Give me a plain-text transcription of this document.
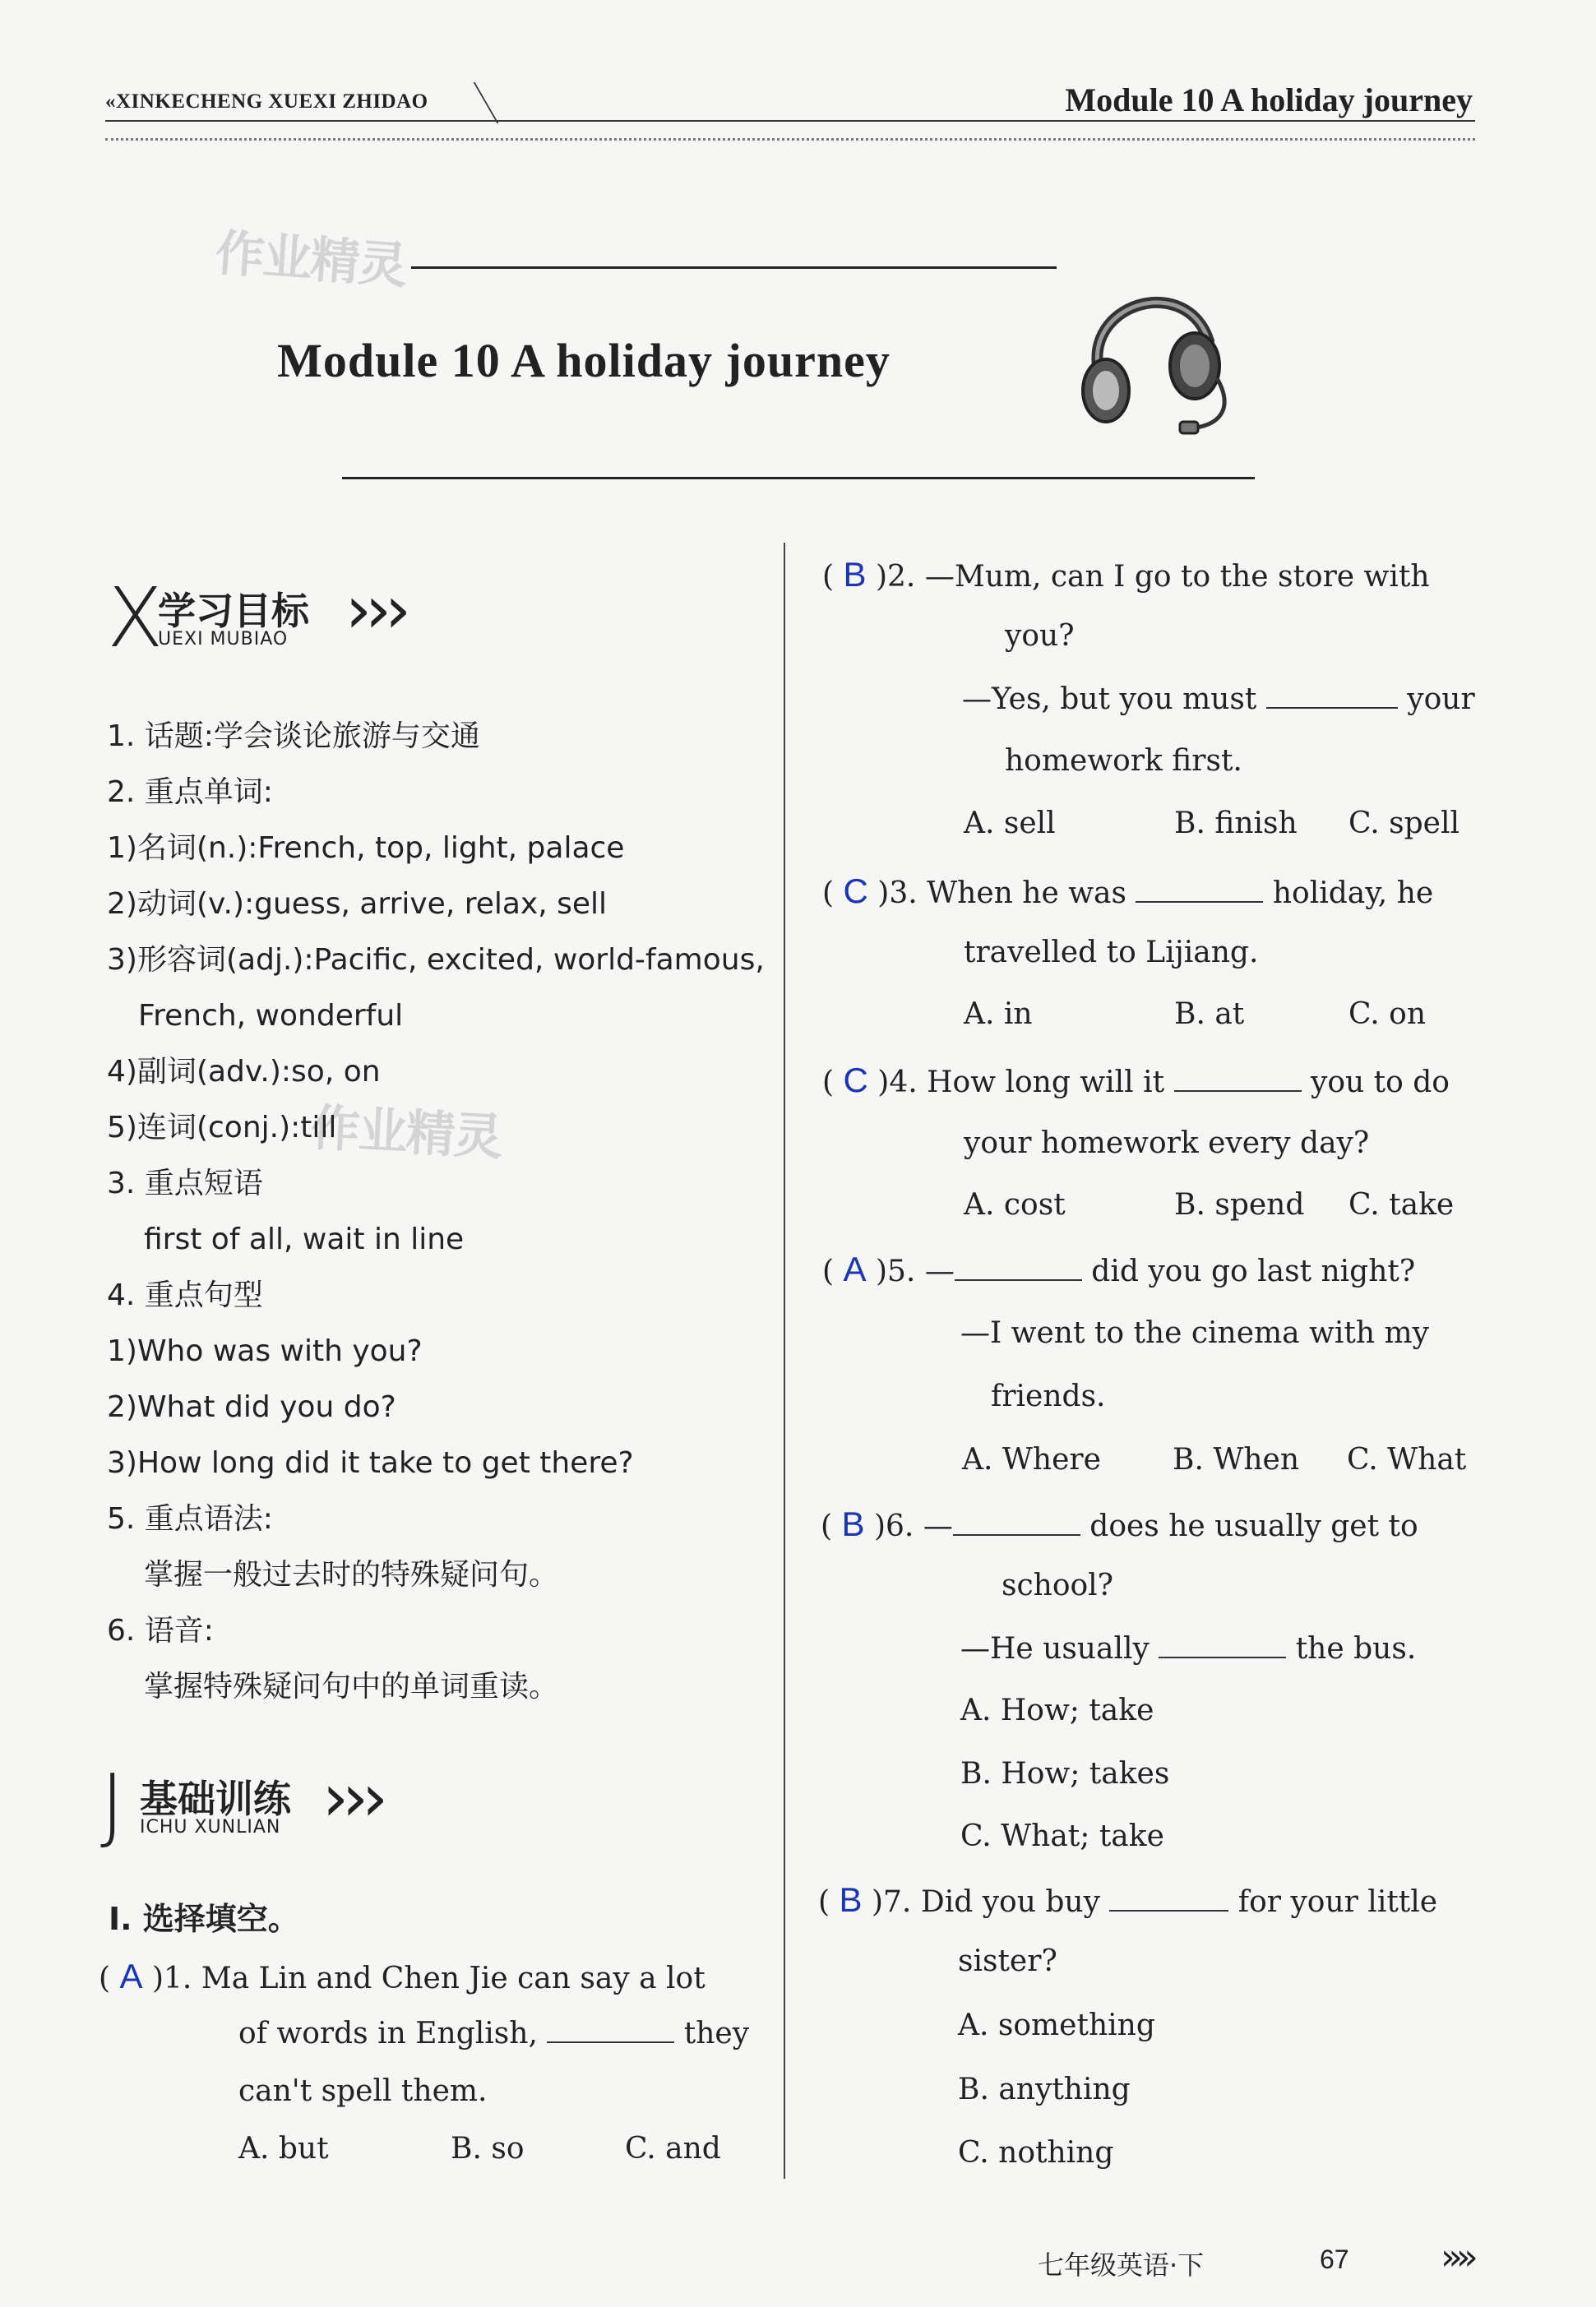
«XINKECHENG XUEXI ZHIDAO	Module 10 A holiday journey
作业精灵
作业精灵
Module 10 A holiday journey
X
学习目标
UEXI MUBIAO ›››
1. 话题:学会谈论旅游与交通
2. 重点单词:
1)名词(n.):French, top, light, palace
2)动词(v.):guess, arrive, relax, sell
3)形容词(adj.):Pacific, excited, world-famous,
French, wonderful
4)副词(adv.):so, on
5)连词(conj.):till
3. 重点短语
first of all, wait in line
4. 重点句型
1)Who was with you?
2)What did you do?
3)How long did it take to get there?
5. 重点语法:
掌握一般过去时的特殊疑问句。
6. 语音:
掌握特殊疑问句中的单词重读。
J 基础训练
ICHU XUNLIAN ›››
Ⅰ. 选择填空。
( A )1. Ma Lin and Chen Jie can say a lot
of words in English,	they
can't spell them.
A. but	B. so	C. and
( B )2. —Mum, can I go to the store with
you?
—Yes, but you must	your
homework first.
A. sell	B. finish C. spell
( C )3. When he was	holiday, he
travelled to Lijiang.
A. in	B. at	C. on
( C )4. How long will it	you to do
your homework every day?
A. cost	B. spend C. take
( A )5. —	did you go last night?
—I went to the cinema with my
friends.
A. Where B. When C. What
( B )6. —	does he usually get to
school?
—He usually	the bus.
A. How; take
B. How; takes
C. What; take
( B )7. Did you buy	for your little
sister?
A. something
B. anything
C. nothing
七年级英语·下	67	»»
